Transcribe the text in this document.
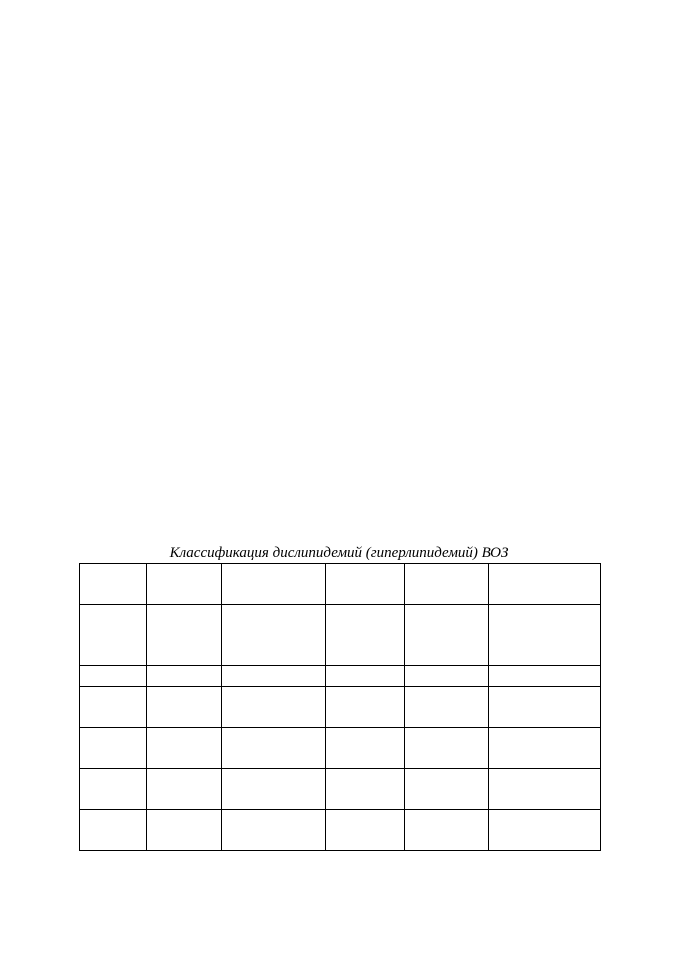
Классификация дислипидемий (гиперлипидемий) ВОЗ
